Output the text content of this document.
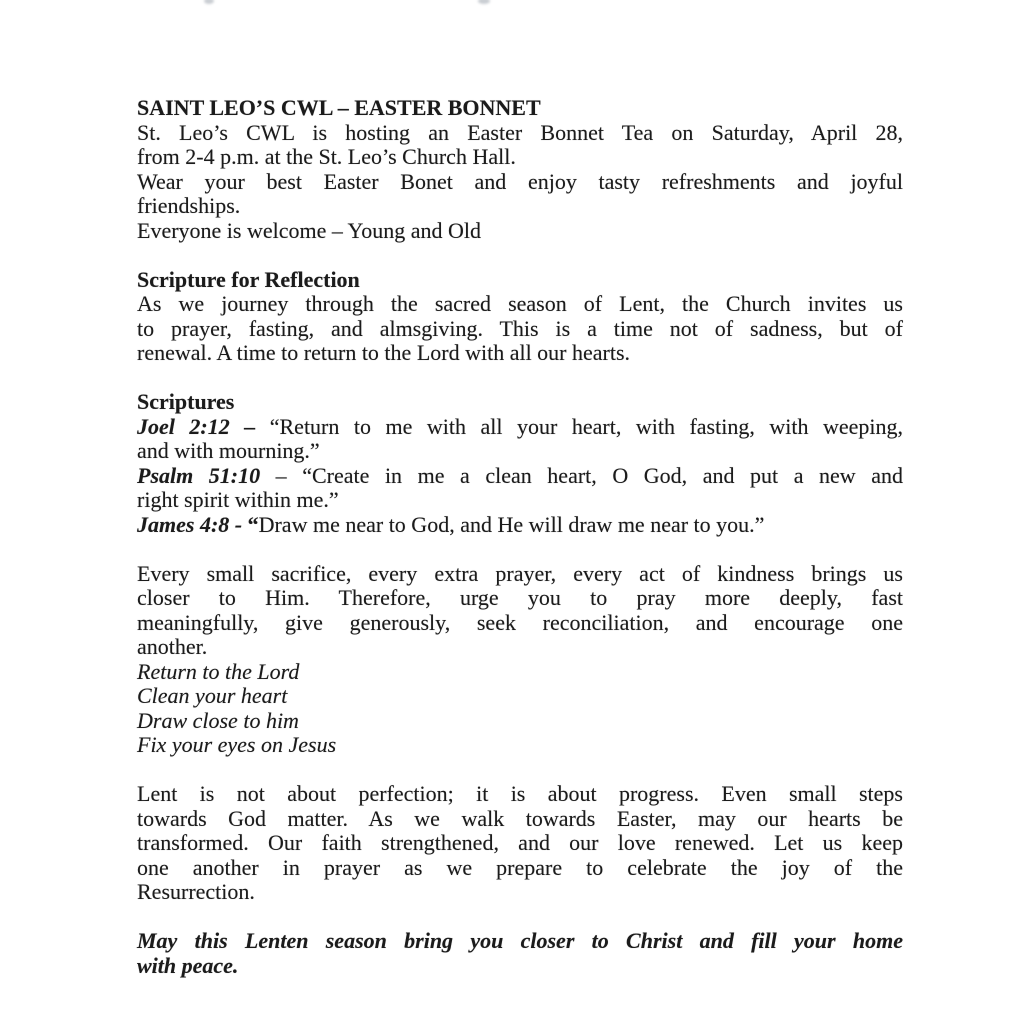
SAINT LEO’S CWL – EASTER BONNET
St. Leo’s CWL is hosting an Easter Bonnet Tea on Saturday, April 28,
from 2-4 p.m. at the St. Leo’s Church Hall.
Wear your best Easter Bonet and enjoy tasty refreshments and joyful
friendships.
Everyone is welcome – Young and Old
Scripture for Reflection
As we journey through the sacred season of Lent, the Church invites us
to prayer, fasting, and almsgiving. This is a time not of sadness, but of
renewal. A time to return to the Lord with all our hearts.
Scriptures
Joel 2:12 – “Return to me with all your heart, with fasting, with weeping,
and with mourning.”
Psalm 51:10 – “Create in me a clean heart, O God, and put a new and
right spirit within me.”
James 4:8 - “Draw me near to God, and He will draw me near to you.”
Every small sacrifice, every extra prayer, every act of kindness brings us
closer to Him. Therefore, urge you to pray more deeply, fast
meaningfully, give generously, seek reconciliation, and encourage one
another.
Return to the Lord
Clean your heart
Draw close to him
Fix your eyes on Jesus
Lent is not about perfection; it is about progress. Even small steps
towards God matter. As we walk towards Easter, may our hearts be
transformed. Our faith strengthened, and our love renewed. Let us keep
one another in prayer as we prepare to celebrate the joy of the
Resurrection.
May this Lenten season bring you closer to Christ and fill your home
with peace.
